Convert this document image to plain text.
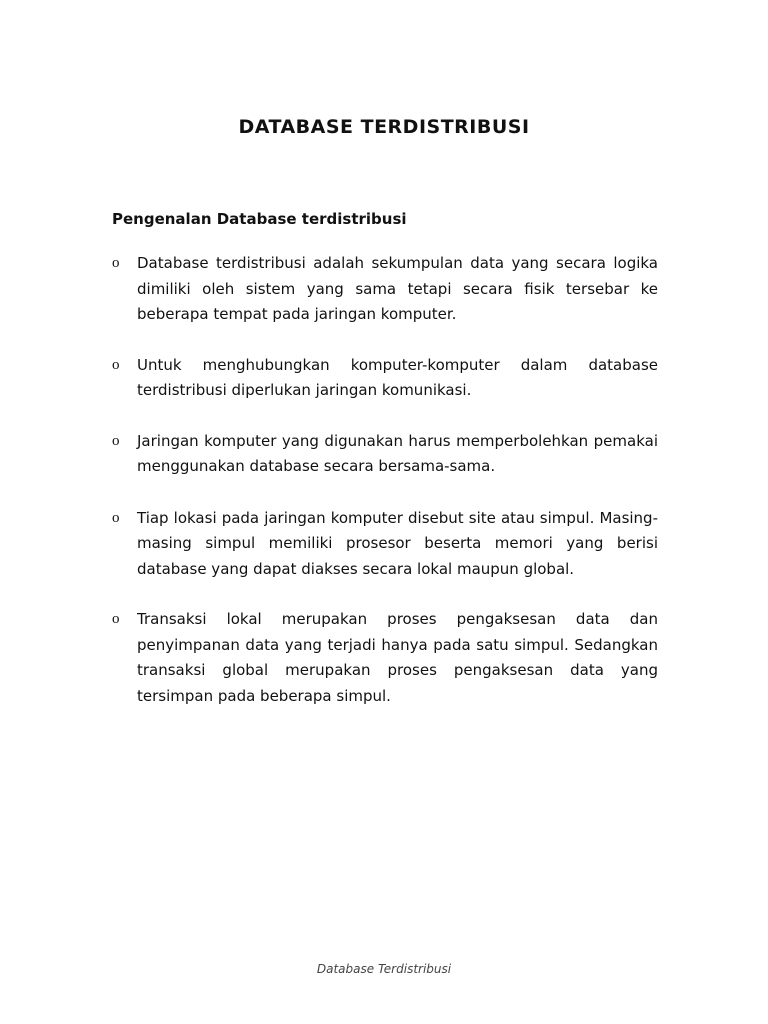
DATABASE TERDISTRIBUSI
Pengenalan Database terdistribusi
o Database terdistribusi adalah sekumpulan data yang secara logika dimiliki oleh sistem yang sama tetapi secara fisik tersebar ke beberapa tempat pada jaringan komputer.
o Untuk menghubungkan komputer-komputer dalam database terdistribusi diperlukan jaringan komunikasi.
o Jaringan komputer yang digunakan harus memperbolehkan pemakai menggunakan database secara bersama-sama.
o Tiap lokasi pada jaringan komputer disebut site atau simpul. Masing-masing simpul memiliki prosesor beserta memori yang berisi database yang dapat diakses secara lokal maupun global.
o Transaksi lokal merupakan proses pengaksesan data dan penyimpanan data yang terjadi hanya pada satu simpul. Sedangkan transaksi global merupakan proses pengaksesan data yang tersimpan pada beberapa simpul.

Database Terdistribusi
